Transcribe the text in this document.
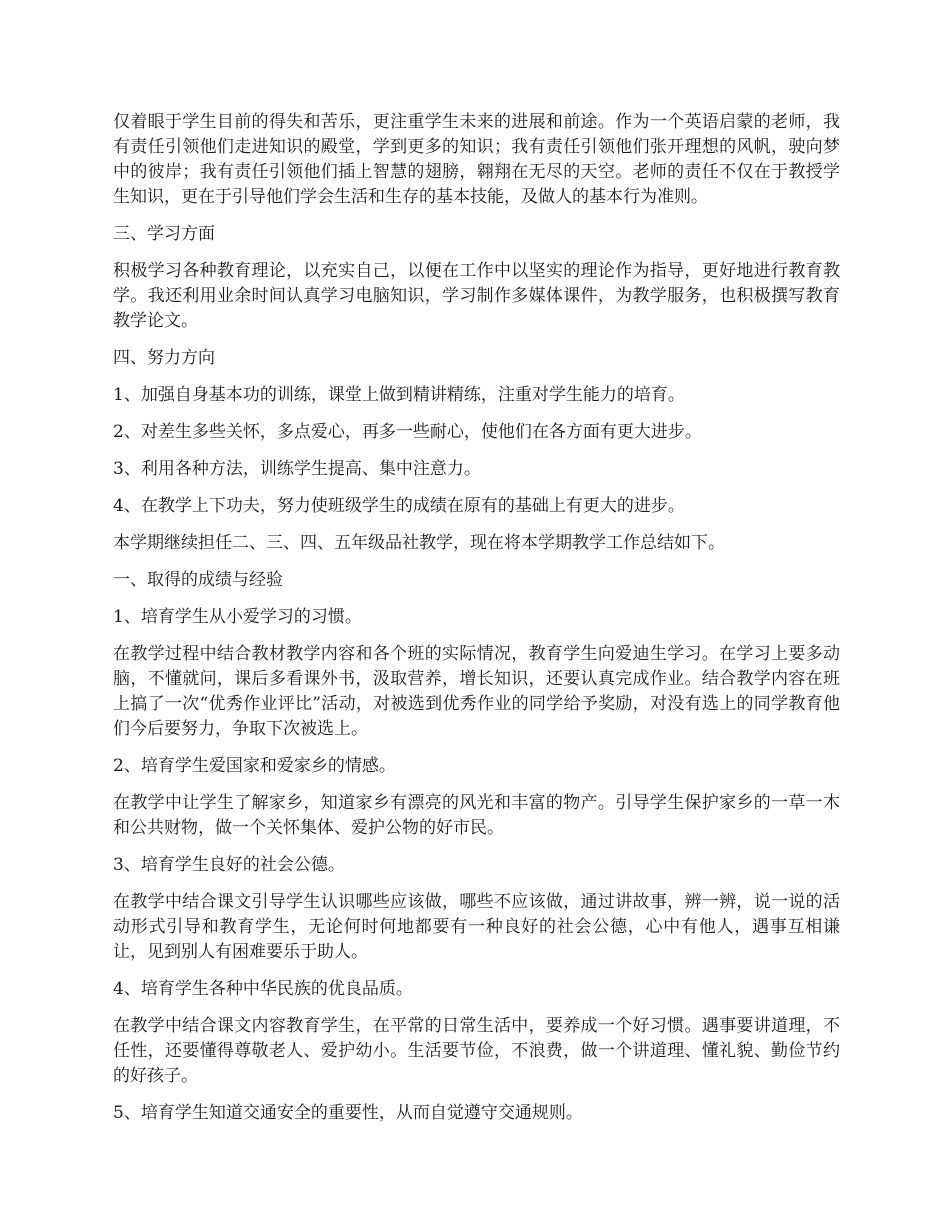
仅着眼于学生目前的得失和苦乐，更注重学生未来的进展和前途。作为一个英语启蒙的老师，我有责任引领他们走进知识的殿堂，学到更多的知识；我有责任引领他们张开理想的风帆，驶向梦中的彼岸；我有责任引领他们插上智慧的翅膀，翱翔在无尽的天空。老师的责任不仅在于教授学生知识，更在于引导他们学会生活和生存的基本技能，及做人的基本行为准则。

三、学习方面

积极学习各种教育理论，以充实自己，以便在工作中以坚实的理论作为指导，更好地进行教育教学。我还利用业余时间认真学习电脑知识，学习制作多媒体课件，为教学服务，也积极撰写教育教学论文。

四、努力方向

1、加强自身基本功的训练，课堂上做到精讲精练，注重对学生能力的培育。

2、对差生多些关怀，多点爱心，再多一些耐心，使他们在各方面有更大进步。

3、利用各种方法，训练学生提高、集中注意力。

4、在教学上下功夫，努力使班级学生的成绩在原有的基础上有更大的进步。

本学期继续担任二、三、四、五年级品社教学，现在将本学期教学工作总结如下。

一、取得的成绩与经验

1、培育学生从小爱学习的习惯。

在教学过程中结合教材教学内容和各个班的实际情况，教育学生向爱迪生学习。在学习上要多动脑，不懂就问，课后多看课外书，汲取营养，增长知识，还要认真完成作业。结合教学内容在班上搞了一次“优秀作业评比”活动，对被选到优秀作业的同学给予奖励，对没有选上的同学教育他们今后要努力，争取下次被选上。

2、培育学生爱国家和爱家乡的情感。

在教学中让学生了解家乡，知道家乡有漂亮的风光和丰富的物产。引导学生保护家乡的一草一木和公共财物，做一个关怀集体、爱护公物的好市民。

3、培育学生良好的社会公德。

在教学中结合课文引导学生认识哪些应该做，哪些不应该做，通过讲故事，辨一辨，说一说的活动形式引导和教育学生，无论何时何地都要有一种良好的社会公德，心中有他人，遇事互相谦让，见到别人有困难要乐于助人。

4、培育学生各种中华民族的优良品质。

在教学中结合课文内容教育学生，在平常的日常生活中，要养成一个好习惯。遇事要讲道理，不任性，还要懂得尊敬老人、爱护幼小。生活要节俭，不浪费，做一个讲道理、懂礼貌、勤俭节约的好孩子。

5、培育学生知道交通安全的重要性，从而自觉遵守交通规则。
